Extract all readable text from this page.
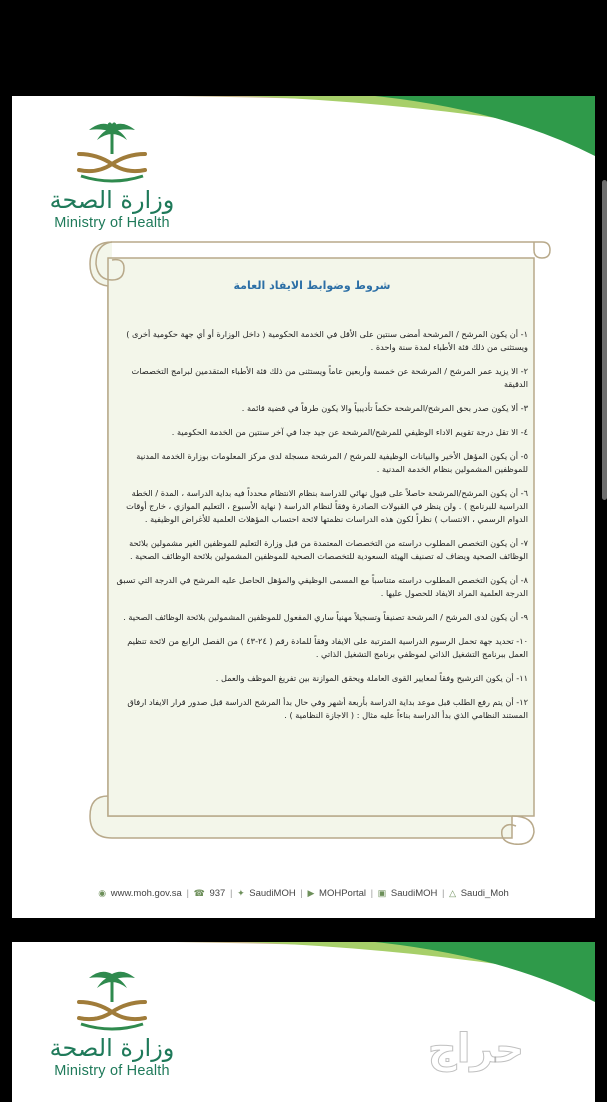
وزارة الصحة
Ministry of Health
شروط وضوابط الايفاد العامة

١- أن يكون المرشح / المرشحة أمضى سنتين على الأقل في الخدمة الحكومية ( داخل الوزارة أو أي جهة حكومية أخرى ) ويستثنى من ذلك فئة الأطباء لمدة سنة واحدة .

٢- الا يزيد عمر المرشح / المرشحة عن خمسة وأربعين عاماً ويستثنى من ذلك فئة الأطباء المتقدمين لبرامج التخصصات الدقيقة

٣- ألا يكون صدر بحق المرشح/المرشحة حكماً تأديبياً والا يكون طرفاً في قضية قائمة .

٤- الا تقل درجة تقويم الاداء الوظيفي للمرشح/المرشحة عن جيد جدا في آخر سنتين من الخدمة الحكومية .

٥- أن يكون المؤهل الأخير والبيانات الوظيفية للمرشح / المرشحة مسجلة لدى مركز المعلومات بوزارة الخدمة المدنية للموظفين المشمولين بنظام الخدمة المدنية .

٦- أن يكون المرشح/المرشحة حاصلاً على قبول نهائي للدراسة بنظام الانتظام محدداً فيه بداية الدراسة ، المدة / الخطة الدراسية للبرنامج ) . ولن ينظر في القبولات الصادرة وفقاً لنظام الدراسة ( نهاية الأسبوع ، التعليم الموازي ، خارج أوقات الدوام الرسمي ، الانتساب ) نظراً لكون هذه الدراسات نظمتها لائحة احتساب المؤهلات العلمية للأغراض الوظيفية .

٧- أن يكون التخصص المطلوب دراسته من التخصصات المعتمدة من قبل وزارة التعليم للموظفين الغير مشمولين بلائحة الوظائف الصحية ويضاف له تصنيف الهيئة السعودية للتخصصات الصحية للموظفين المشمولين بلائحة الوظائف الصحية .

٨- أن يكون التخصص المطلوب دراسته متناسباً مع المسمى الوظيفي والمؤهل الحاصل عليه المرشح في الدرجة التي تسبق الدرجة العلمية المراد الايفاد للحصول عليها .

٩- أن يكون لدى المرشح / المرشحة تصنيفاً وتسجيلاً مهنياً ساري المفعول للموظفين المشمولين بلائحة الوظائف الصحية .

١٠- تحديد جهة تحمل الرسوم الدراسية المترتبة على الايفاد وفقاً للمادة رقم ( ٢٤-٤٣ ) من الفصل الرابع من لائحة تنظيم العمل ببرنامج التشغيل الذاتي لموظفي برنامج التشغيل الذاتي .

١١- أن يكون الترشيح وفقاً لمعايير القوى العاملة ويحقق الموازنة بين تفريغ الموظف والعمل .

١٢- أن يتم رفع الطلب قبل موعد بداية الدراسة بأربعة أشهر وفي حال بدأ المرشح الدراسة قبل صدور قرار الايفاد ارفاق

المستند النظامي الذي بدأ الدراسة بناءاً عليه مثال : ( الاجازة النظامية ) .

◉ www.moh.gov.sa | ☎ 937 | ✦ SaudiMOH | ▶ MOHPortal | ▣ SaudiMOH | △ Saudi_Moh
وزارة الصحة
Ministry of Health	حراج
